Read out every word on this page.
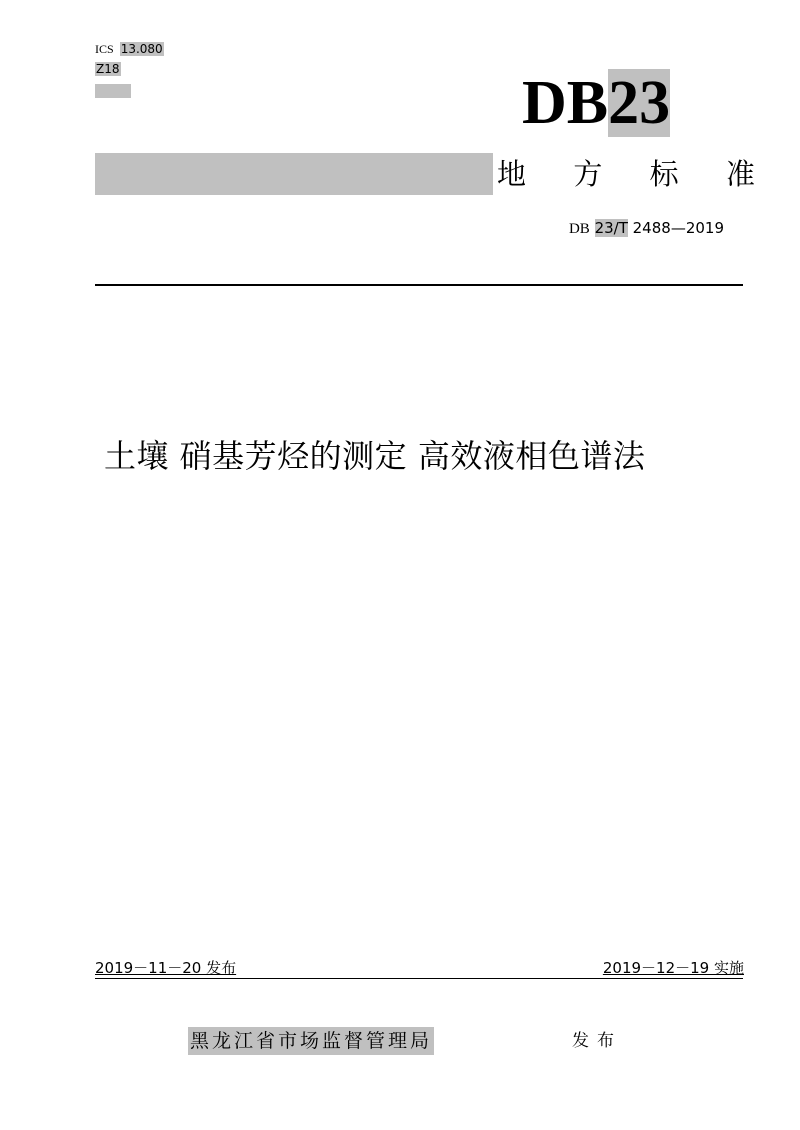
ICS 13.080
Z18	DB23
地 方 标 准
DB 23/T 2488—2019
土壤 硝基芳烃的测定 高效液相色谱法
2019－11－20 发布	2019－12－19 实施
黑龙江省市场监督管理局	发布
